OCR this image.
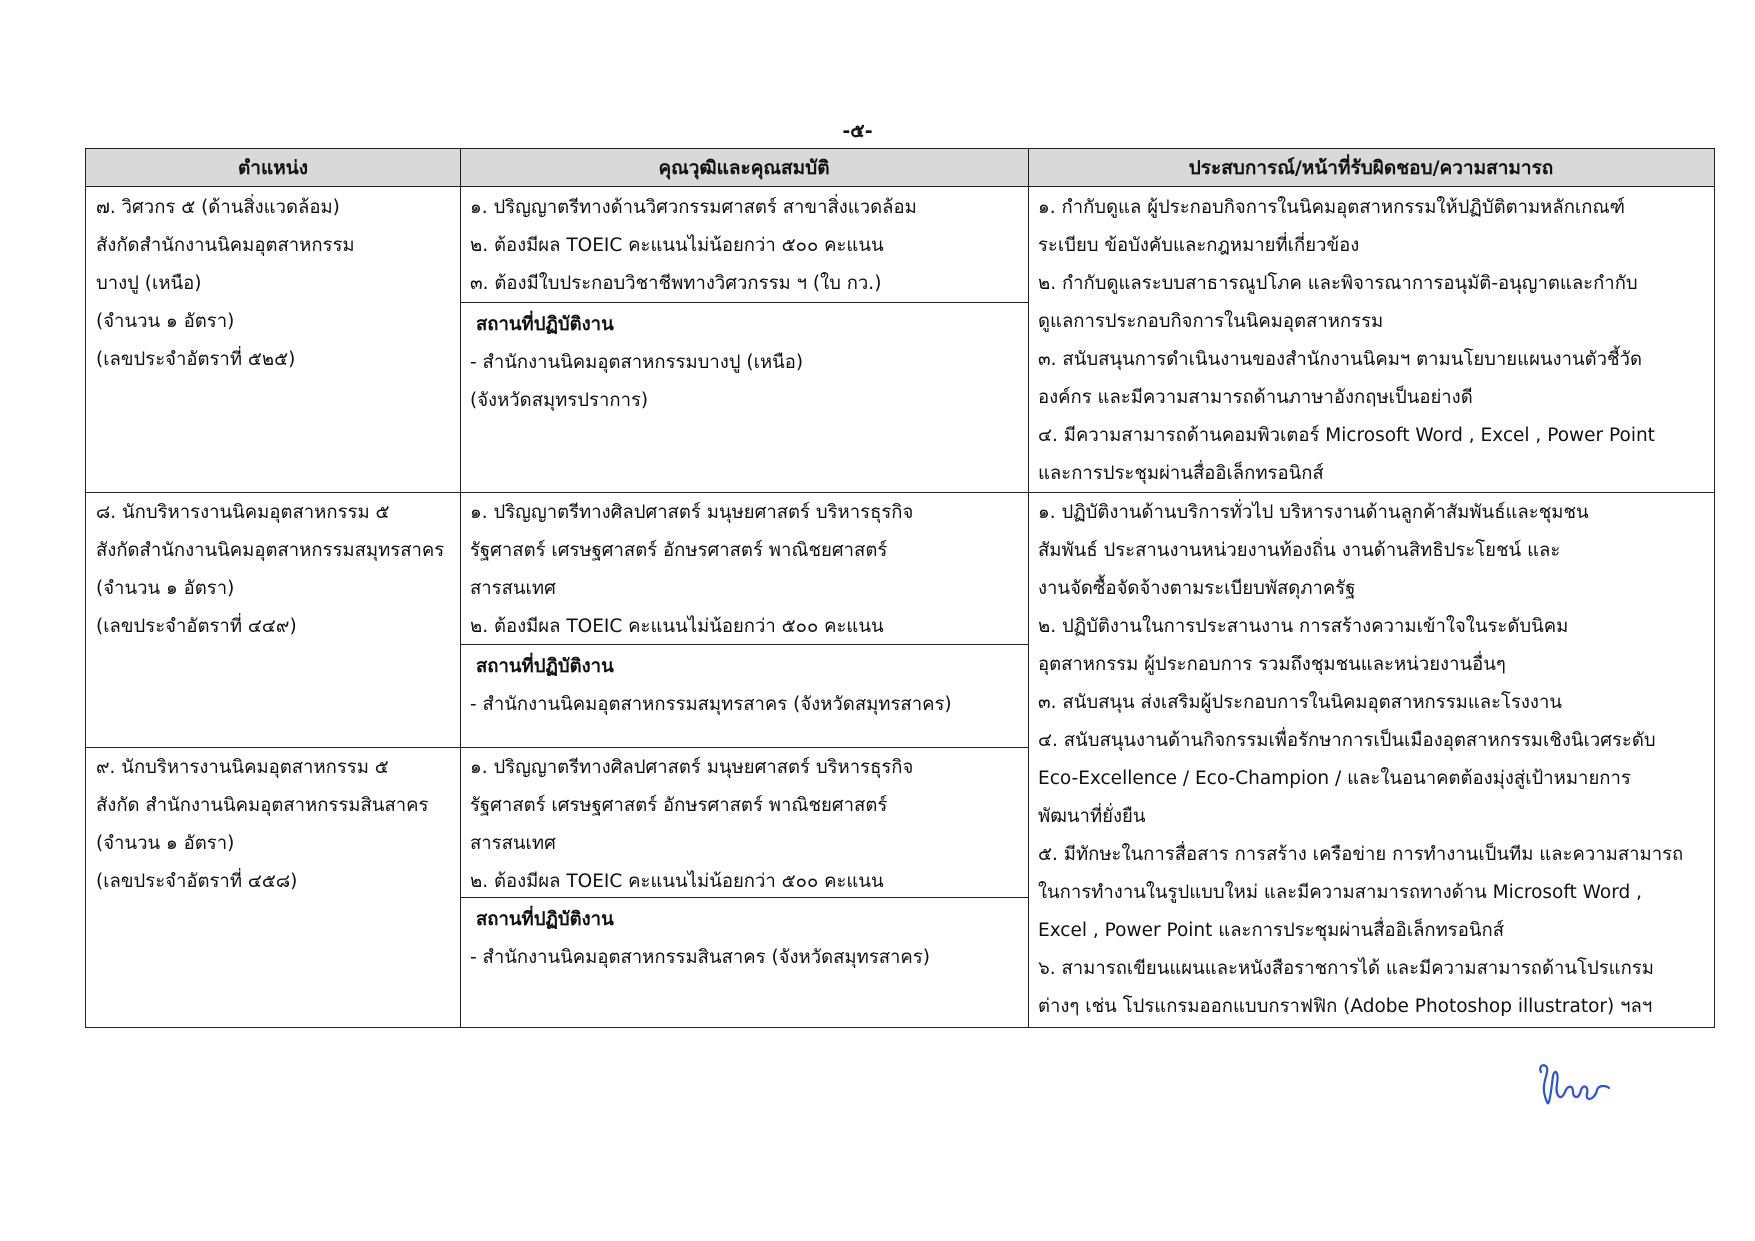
-๕-
ตำแหน่ง	คุณวุฒิและคุณสมบัติ	ประสบการณ์/หน้าที่รับผิดชอบ/ความสามารถ
๗. วิศวกร ๕ (ด้านสิ่งแวดล้อม)
สังกัดสำนักงานนิคมอุตสาหกรรม
บางปู (เหนือ)
(จำนวน ๑ อัตรา)
(เลขประจำอัตราที่ ๕๒๕)
๑. ปริญญาตรีทางด้านวิศวกรรมศาสตร์ สาขาสิ่งแวดล้อม
๒. ต้องมีผล TOEIC คะแนนไม่น้อยกว่า ๕๐๐ คะแนน
๓. ต้องมีใบประกอบวิชาชีพทางวิศวกรรม ฯ (ใบ กว.)
สถานที่ปฏิบัติงาน
- สำนักงานนิคมอุตสาหกรรมบางปู (เหนือ)
(จังหวัดสมุทรปราการ)
๑. กำกับดูแล ผู้ประกอบกิจการในนิคมอุตสาหกรรมให้ปฏิบัติตามหลักเกณฑ์
ระเบียบ ข้อบังคับและกฎหมายที่เกี่ยวข้อง
๒. กำกับดูแลระบบสาธารณูปโภค และพิจารณาการอนุมัติ-อนุญาตและกำกับ
ดูแลการประกอบกิจการในนิคมอุตสาหกรรม
๓. สนับสนุนการดำเนินงานของสำนักงานนิคมฯ ตามนโยบายแผนงานตัวชี้วัด
องค์กร และมีความสามารถด้านภาษาอังกฤษเป็นอย่างดี
๔. มีความสามารถด้านคอมพิวเตอร์ Microsoft Word , Excel , Power Point
และการประชุมผ่านสื่ออิเล็กทรอนิกส์
๘. นักบริหารงานนิคมอุตสาหกรรม ๕
สังกัดสำนักงานนิคมอุตสาหกรรมสมุทรสาคร
(จำนวน ๑ อัตรา)
(เลขประจำอัตราที่ ๔๔๙)
๑. ปริญญาตรีทางศิลปศาสตร์ มนุษยศาสตร์ บริหารธุรกิจ
รัฐศาสตร์ เศรษฐศาสตร์ อักษรศาสตร์ พาณิชยศาสตร์
สารสนเทศ
๒. ต้องมีผล TOEIC คะแนนไม่น้อยกว่า ๕๐๐ คะแนน
สถานที่ปฏิบัติงาน
- สำนักงานนิคมอุตสาหกรรมสมุทรสาคร (จังหวัดสมุทรสาคร)
๙. นักบริหารงานนิคมอุตสาหกรรม ๕
สังกัด สำนักงานนิคมอุตสาหกรรมสินสาคร
(จำนวน ๑ อัตรา)
(เลขประจำอัตราที่ ๔๕๘)
๑. ปริญญาตรีทางศิลปศาสตร์ มนุษยศาสตร์ บริหารธุรกิจ
รัฐศาสตร์ เศรษฐศาสตร์ อักษรศาสตร์ พาณิชยศาสตร์
สารสนเทศ
๒. ต้องมีผล TOEIC คะแนนไม่น้อยกว่า ๕๐๐ คะแนน
สถานที่ปฏิบัติงาน
- สำนักงานนิคมอุตสาหกรรมสินสาคร (จังหวัดสมุทรสาคร)
๑. ปฏิบัติงานด้านบริการทั่วไป บริหารงานด้านลูกค้าสัมพันธ์และชุมชน
สัมพันธ์ ประสานงานหน่วยงานท้องถิ่น งานด้านสิทธิประโยชน์ และ
งานจัดซื้อจัดจ้างตามระเบียบพัสดุภาครัฐ
๒. ปฏิบัติงานในการประสานงาน การสร้างความเข้าใจในระดับนิคม
อุตสาหกรรม ผู้ประกอบการ รวมถึงชุมชนและหน่วยงานอื่นๆ
๓. สนับสนุน ส่งเสริมผู้ประกอบการในนิคมอุตสาหกรรมและโรงงาน
๔. สนับสนุนงานด้านกิจกรรมเพื่อรักษาการเป็นเมืองอุตสาหกรรมเชิงนิเวศระดับ
Eco-Excellence / Eco-Champion / และในอนาคตต้องมุ่งสู่เป้าหมายการ
พัฒนาที่ยั่งยืน
๕. มีทักษะในการสื่อสาร การสร้าง เครือข่าย การทำงานเป็นทีม และความสามารถ
ในการทำงานในรูปแบบใหม่ และมีความสามารถทางด้าน Microsoft Word ,
Excel , Power Point และการประชุมผ่านสื่ออิเล็กทรอนิกส์
๖. สามารถเขียนแผนและหนังสือราชการได้ และมีความสามารถด้านโปรแกรม
ต่างๆ เช่น โปรแกรมออกแบบกราฟฟิก (Adobe Photoshop illustrator) ฯลฯ
